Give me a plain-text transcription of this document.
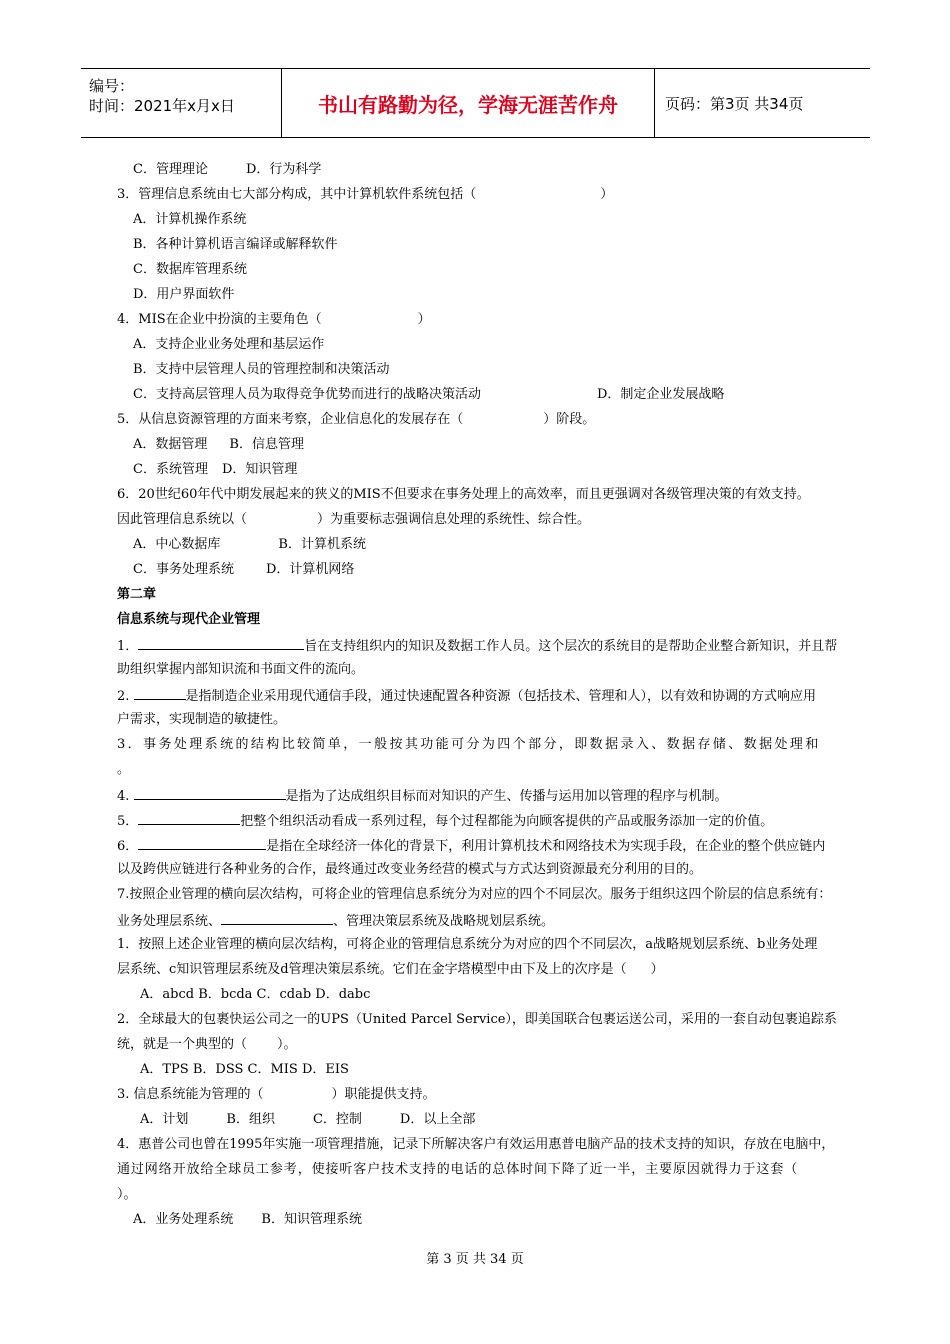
编号：
时间：2021年x月x日	书山有路勤为径，学海无涯苦作舟	页码：第3页 共34页
C．管理理论	D．行为科学
3．管理信息系统由七大部分构成，其中计算机软件系统包括（	）
A．计算机操作系统
B．各种计算机语言编译或解释软件
C．数据库管理系统
D．用户界面软件
4．MIS在企业中扮演的主要角色（	）
A．支持企业业务处理和基层运作
B．支持中层管理人员的管理控制和决策活动
C．支持高层管理人员为取得竞争优势而进行的战略决策活动	D．制定企业发展战略
5．从信息资源管理的方面来考察，企业信息化的发展存在（	）阶段。
A．数据管理 B．信息管理
C．系统管理 D．知识管理
6．20世纪60年代中期发展起来的狭义的MIS不但要求在事务处理上的高效率，而且更强调对各级管理决策的有效支持。
因此管理信息系统以（	）为重要标志强调信息处理的系统性、综合性。
A．中心数据库	B．计算机系统
C．事务处理系统 D．计算机网络
第二章
信息系统与现代企业管理
1．	旨在支持组织内的知识及数据工作人员。这个层次的系统目的是帮助企业整合新知识，并且帮
助组织掌握内部知识流和书面文件的流向。
2.	是指制造企业采用现代通信手段，通过快速配置各种资源（包括技术、管理和人），以有效和协调的方式响应用
户需求，实现制造的敏捷性。
3．事务处理系统的结构比较简单，一般按其功能可分为四个部分，即数据录入、数据存储、数据处理和
。
4.	是指为了达成组织目标而对知识的产生、传播与运用加以管理的程序与机制。
5．	把整个组织活动看成一系列过程，每个过程都能为向顾客提供的产品或服务添加一定的价值。
6．	是指在全球经济一体化的背景下，利用计算机技术和网络技术为实现手段，在企业的整个供应链内
以及跨供应链进行各种业务的合作，最终通过改变业务经营的模式与方式达到资源最充分利用的目的。
7.按照企业管理的横向层次结构，可将企业的管理信息系统分为对应的四个不同层次。服务于组织这四个阶层的信息系统有：
业务处理层系统、	、管理决策层系统及战略规划层系统。
1．按照上述企业管理的横向层次结构，可将企业的管理信息系统分为对应的四个不同层次，a战略规划层系统、b业务处理
层系统、c知识管理层系统及d管理决策层系统。它们在金字塔模型中由下及上的次序是（ ）
A．abcd B．bcda C．cdab D．dabc
2．全球最大的包裹快运公司之一的UPS（United Parcel Service），即美国联合包裹运送公司，采用的一套自动包裹追踪系
统，就是一个典型的（ ）。
A．TPS B．DSS C．MIS D．EIS
3. 信息系统能为管理的（	）职能提供支持。
A．计划	B．组织	C．控制	D．以上全部
4．惠普公司也曾在1995年实施一项管理措施，记录下所解决客户有效运用惠普电脑产品的技术支持的知识，存放在电脑中，
通过网络开放给全球员工参考，使接听客户技术支持的电话的总体时间下降了近一半，主要原因就得力于这套（
）。
A．业务处理系统 B．知识管理系统
第 3 页 共 34 页
